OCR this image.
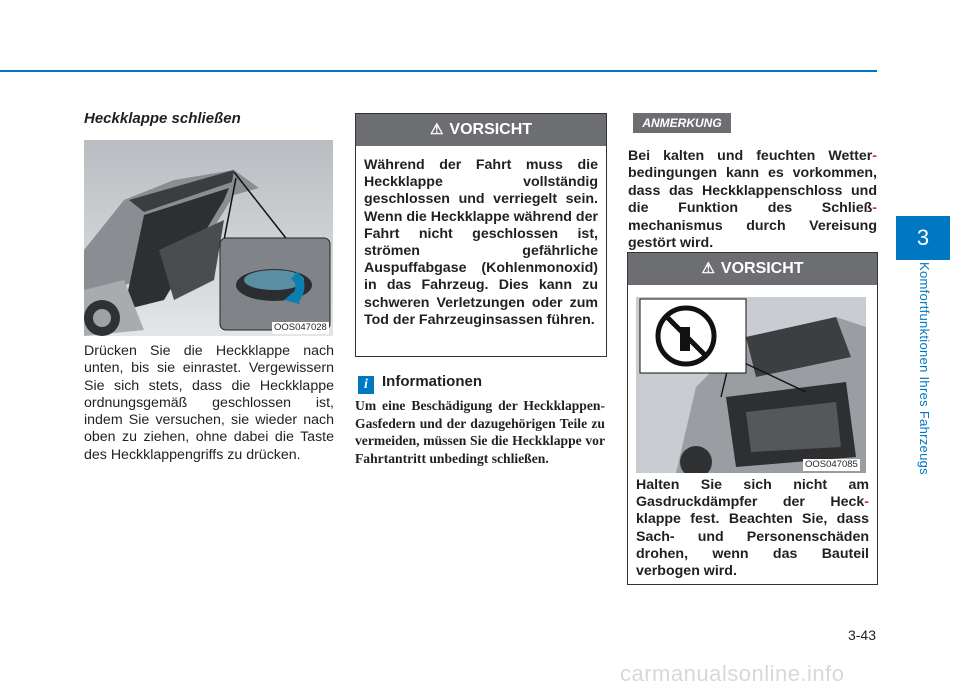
Heckklappe schließen
OOS047028
Drücken Sie die Heckklappe nach unten, bis sie einrastet. Vergewissern Sie sich stets, dass die Heckklappe ordnungsgemäß geschlossen ist, indem Sie versuchen, sie wieder nach oben zu ziehen, ohne dabei die Taste des Heckklappengriffs zu drücken.
⚠ VORSICHT
Während der Fahrt muss die Heckklappe vollständig geschlossen und verriegelt sein. Wenn die Heckklappe während der Fahrt nicht geschlossen ist, strömen gefährliche Auspuffabgase (Kohlenmonoxid) in das Fahrzeug. Dies kann zu schweren Verletzungen oder zum Tod der Fahrzeuginsassen führen.
i Informationen
Um eine Beschädigung der Heckklappen-Gasfedern und der dazugehörigen Teile zu vermeiden, müssen Sie die Heckklappe vor Fahrtantritt unbedingt schließen.
ANMERKUNG
Bei kalten und feuchten Wetter- bedingungen kann es vorkommen, dass das Heckklappenschloss und die Funktion des Schließ- mechanismus durch Vereisung gestört wird.
⚠ VORSICHT
Halten Sie sich nicht am Gasdruckdämpfer der Heck- klappe fest. Beachten Sie, dass Sach- und Personenschäden drohen, wenn das Bauteil verbogen wird.
OOS047085
3
Komfortfunktionen Ihres Fahrzeugs
3-43
carmanualsonline.info
